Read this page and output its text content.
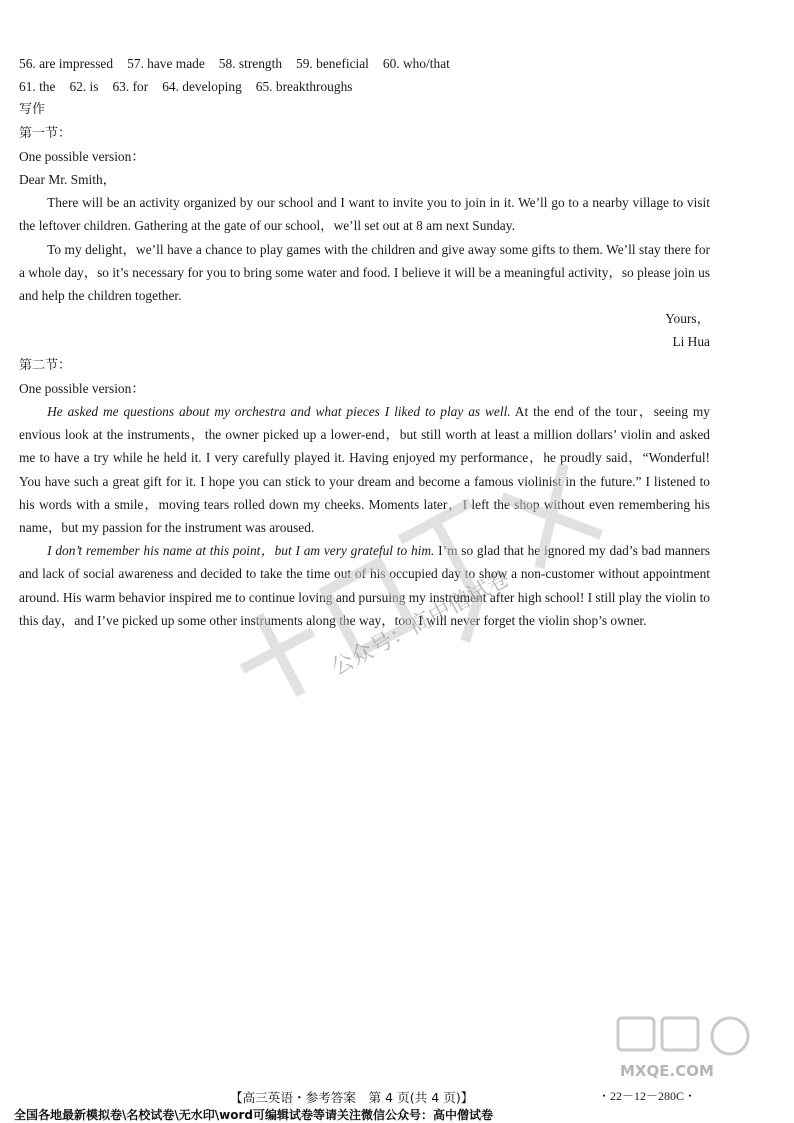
56. are impressed 57. have made 58. strength 59. beneficial 60. who/that
61. the 62. is 63. for 64. developing 65. breakthroughs
写作
第一节：
One possible version：
Dear Mr. Smith，

There will be an activity organized by our school and I want to invite you to join in it. We’ll go to a nearby village to visit the leftover children. Gathering at the gate of our school，we’ll set out at 8 am next Sunday.

To my delight，we’ll have a chance to play games with the children and give away some gifts to them. We’ll stay there for a whole day，so it’s necessary for you to bring some water and food. I believe it will be a meaningful activity，so please join us and help the children together.

Yours，
Li Hua
第二节：
One possible version：

He asked me questions about my orchestra and what pieces I liked to play as well. At the end of the tour，seeing my envious look at the instruments，the owner picked up a lower-end，but still worth at least a million dollars’ violin and asked me to have a try while he held it. I very carefully played it. Having enjoyed my performance，he proudly said，“Wonderful! You have such a great gift for it. I hope you can stick to your dream and become a famous violinist in the future.” I listened to his words with a smile，moving tears rolled down my cheeks. Moments later，I left the shop without even remembering his name，but my passion for the instrument was aroused.

I don’t remember his name at this point，but I am very grateful to him. I’m so glad that he ignored my dad’s bad manners and lack of social awareness and decided to take the time out of his occupied day to show a non-customer without appointment around. His warm behavior inspired me to continue loving and pursuing my instrument after high school! I still play the violin to this day，and I’ve picked up some other instruments along the way，too. I will never forget the violin shop’s owner.

公众号：高中僧试卷
MXQE.COM
【高三英语・参考答案　第 4 页(共 4 页)】	・22－12－280C・
全国各地最新模拟卷\名校试卷\无水印\word可编辑试卷等请关注微信公众号：高中僧试卷
